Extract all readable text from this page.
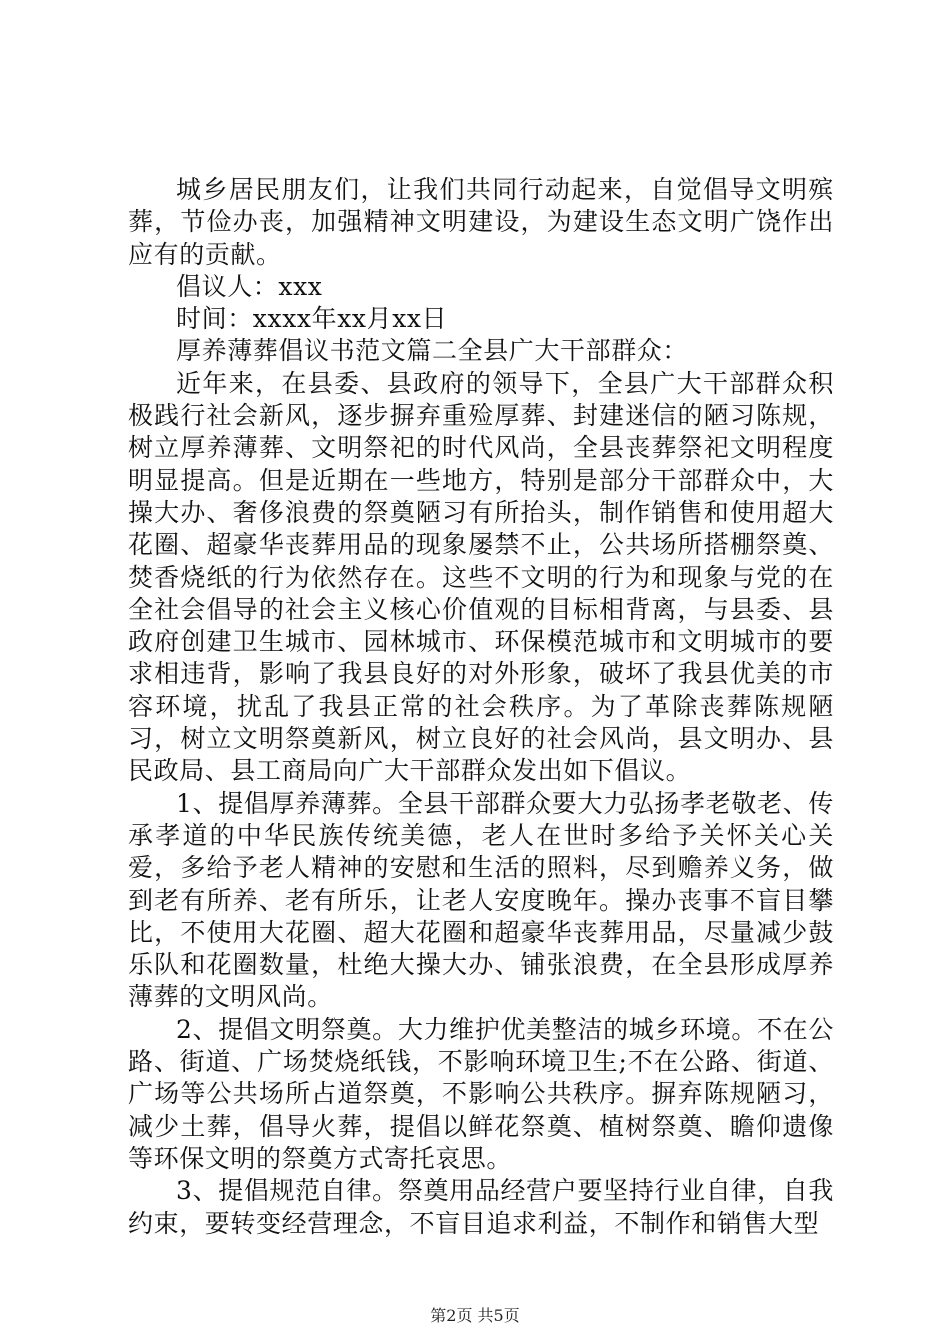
城乡居民朋友们，让我们共同行动起来，自觉倡导文明殡葬，节俭办丧，加强精神文明建设，为建设生态文明广饶作出应有的贡献。

倡议人：xxx

时间：xxxx年xx月xx日

厚养薄葬倡议书范文篇二全县广大干部群众：

近年来，在县委、县政府的领导下，全县广大干部群众积极践行社会新风，逐步摒弃重殓厚葬、封建迷信的陋习陈规，树立厚养薄葬、文明祭祀的时代风尚，全县丧葬祭祀文明程度明显提高。但是近期在一些地方，特别是部分干部群众中，大操大办、奢侈浪费的祭奠陋习有所抬头，制作销售和使用超大花圈、超豪华丧葬用品的现象屡禁不止，公共场所搭棚祭奠、焚香烧纸的行为依然存在。这些不文明的行为和现象与党的在全社会倡导的社会主义核心价值观的目标相背离，与县委、县政府创建卫生城市、园林城市、环保模范城市和文明城市的要求相违背，影响了我县良好的对外形象，破坏了我县优美的市容环境，扰乱了我县正常的社会秩序。为了革除丧葬陈规陋习，树立文明祭奠新风，树立良好的社会风尚，县文明办、县民政局、县工商局向广大干部群众发出如下倡议。

1、提倡厚养薄葬。全县干部群众要大力弘扬孝老敬老、传承孝道的中华民族传统美德，老人在世时多给予关怀关心关爱，多给予老人精神的安慰和生活的照料，尽到赡养义务，做到老有所养、老有所乐，让老人安度晚年。操办丧事不盲目攀比，不使用大花圈、超大花圈和超豪华丧葬用品，尽量减少鼓乐队和花圈数量，杜绝大操大办、铺张浪费，在全县形成厚养薄葬的文明风尚。

2、提倡文明祭奠。大力维护优美整洁的城乡环境。不在公路、街道、广场焚烧纸钱，不影响环境卫生;不在公路、街道、广场等公共场所占道祭奠，不影响公共秩序。摒弃陈规陋习，减少土葬，倡导火葬，提倡以鲜花祭奠、植树祭奠、瞻仰遗像等环保文明的祭奠方式寄托哀思。

3、提倡规范自律。祭奠用品经营户要坚持行业自律，自我约束，要转变经营理念，不盲目追求利益，不制作和销售大型

第2页 共5页
